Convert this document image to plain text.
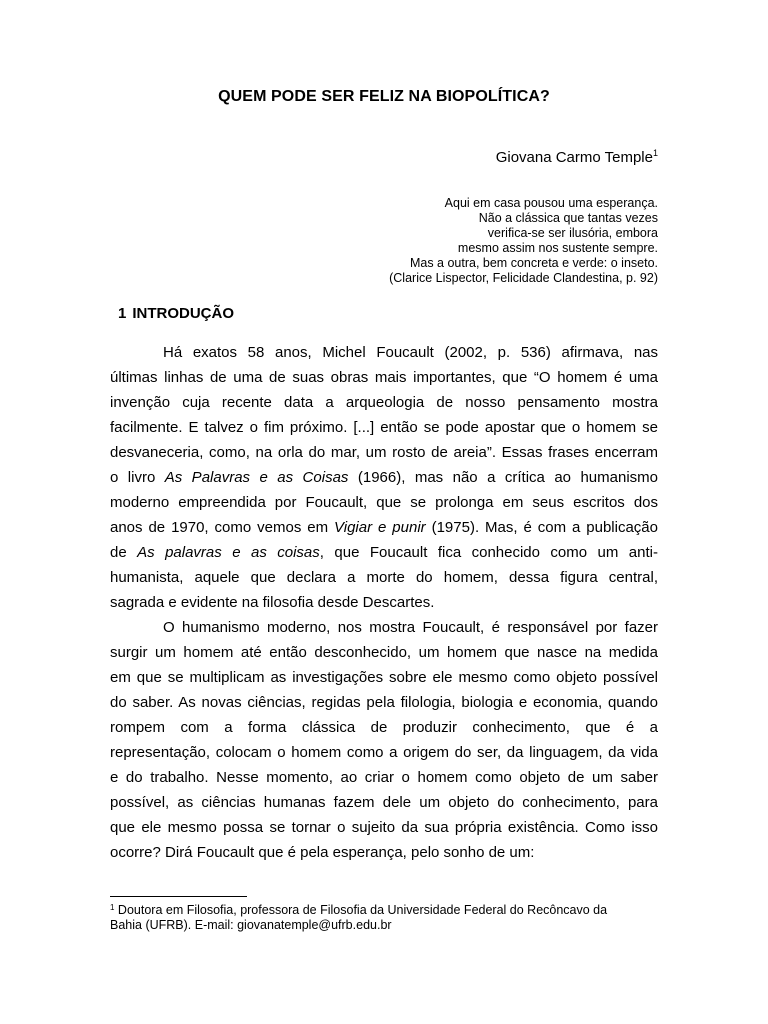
QUEM PODE SER FELIZ NA BIOPOLÍTICA?
Giovana Carmo Temple$^1$
Aqui em casa pousou uma esperança.
Não a clássica que tantas vezes
verifica-se ser ilusória, embora
mesmo assim nos sustente sempre.
Mas a outra, bem concreta e verde: o inseto.
(Clarice Lispector, Felicidade Clandestina, p. 92)
1 INTRODUÇÃO
Há exatos 58 anos, Michel Foucault (2002, p. 536) afirmava, nas
últimas linhas de uma de suas obras mais importantes, que “O homem é uma
invenção cuja recente data a arqueologia de nosso pensamento mostra
facilmente. E talvez o fim próximo. [...] então se pode apostar que o homem se
desvaneceria, como, na orla do mar, um rosto de areia”. Essas frases encerram
o livro As Palavras e as Coisas (1966), mas não a crítica ao humanismo
moderno empreendida por Foucault, que se prolonga em seus escritos dos
anos de 1970, como vemos em Vigiar e punir (1975). Mas, é com a publicação
de As palavras e as coisas, que Foucault fica conhecido como um anti-
humanista, aquele que declara a morte do homem, dessa figura central,
sagrada e evidente na filosofia desde Descartes.
O humanismo moderno, nos mostra Foucault, é responsável por fazer
surgir um homem até então desconhecido, um homem que nasce na medida
em que se multiplicam as investigações sobre ele mesmo como objeto possível
do saber. As novas ciências, regidas pela filologia, biologia e economia, quando
rompem com a forma clássica de produzir conhecimento, que é a
representação, colocam o homem como a origem do ser, da linguagem, da vida
e do trabalho. Nesse momento, ao criar o homem como objeto de um saber
possível, as ciências humanas fazem dele um objeto do conhecimento, para
que ele mesmo possa se tornar o sujeito da sua própria existência. Como isso
ocorre? Dirá Foucault que é pela esperança, pelo sonho de um:
$^1$ Doutora em Filosofia, professora de Filosofia da Universidade Federal do Recôncavo da
Bahia (UFRB). E-mail: giovanatemple@ufrb.edu.br
